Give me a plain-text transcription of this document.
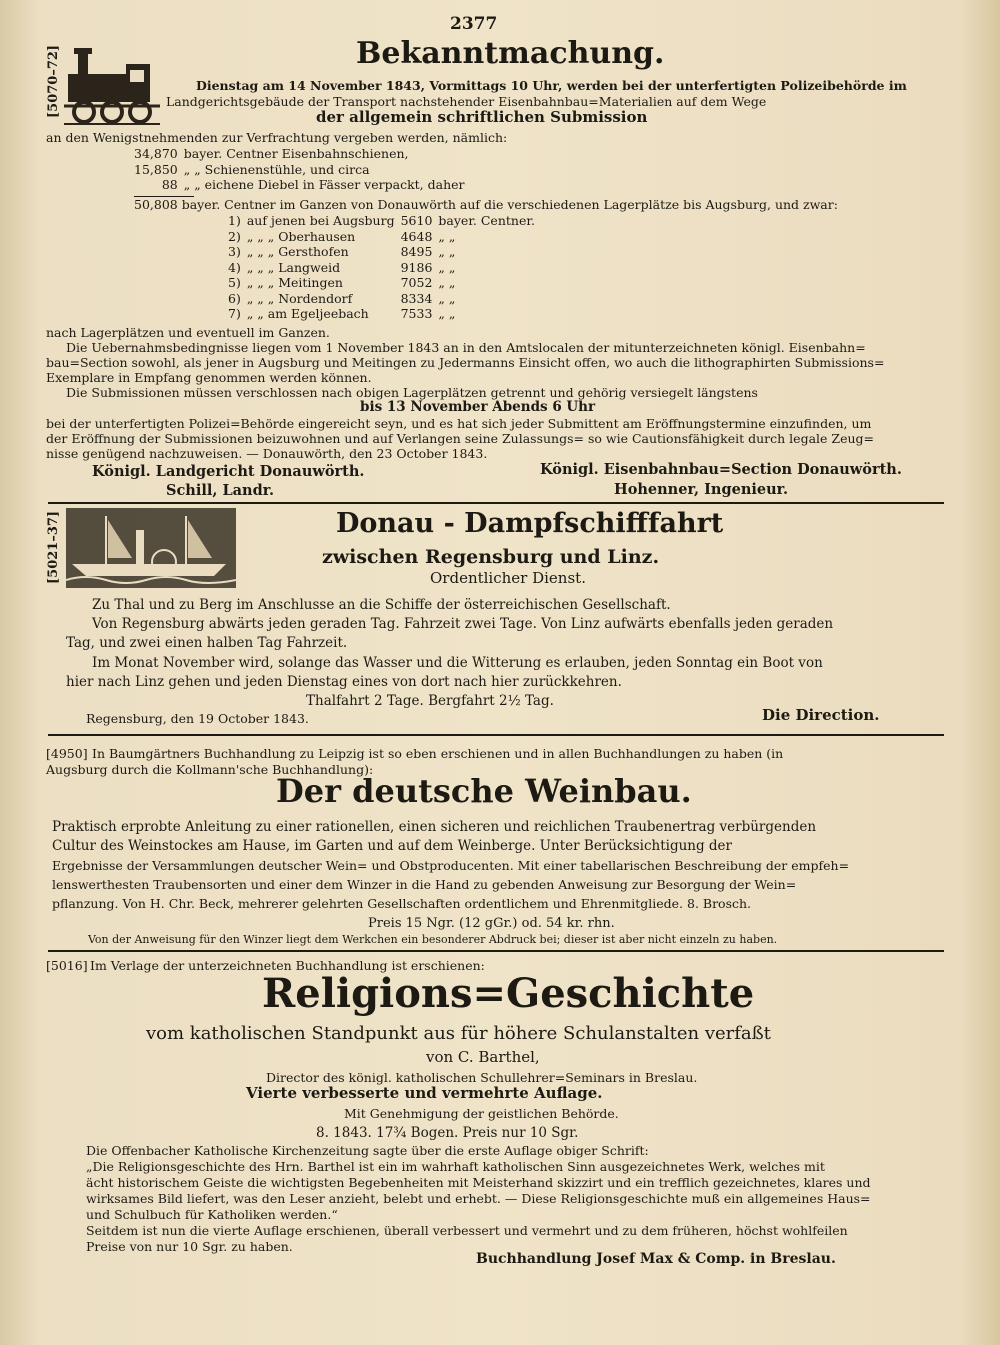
2377
[5070–72]	Bekanntmachung.
Dienstag am 14 November 1843, Vormittags 10 Uhr, werden bei der unterfertigten Polizeibehörde im
Landgerichtsgebäude der Transport nachstehender Eisenbahnbau=Materialien auf dem Wege
der allgemein schriftlichen Submission
an den Wenigstnehmenden zur Verfrachtung vergeben werden, nämlich:
34,870	bayer. Centner Eisenbahnschienen,
15,850	„ „ Schienenstühle, und circa
88	„ „ eichene Diebel in Fässer verpackt, daher
50,808 bayer. Centner im Ganzen von Donauwörth auf die verschiedenen Lagerplätze bis Augsburg, und zwar:
1)	auf jenen bei Augsburg	5610	bayer. Centner.
2)	„ „ „ Oberhausen	4648	„ „
3)	„ „ „ Gersthofen	8495	„ „
4)	„ „ „ Langweid	9186	„ „
5)	„ „ „ Meitingen	7052	„ „
6)	„ „ „ Nordendorf	8334	„ „
7)	„ „ am Egeljeebach	7533	„ „
nach Lagerplätzen und eventuell im Ganzen.
Die Uebernahmsbedingnisse liegen vom 1 November 1843 an in den Amtslocalen der mitunterzeichneten königl. Eisenbahn=
bau=Section sowohl, als jener in Augsburg und Meitingen zu Jedermanns Einsicht offen, wo auch die lithographirten Submissions=
Exemplare in Empfang genommen werden können.
Die Submissionen müssen verschlossen nach obigen Lagerplätzen getrennt und gehörig versiegelt längstens
bis 13 November Abends 6 Uhr
bei der unterfertigten Polizei=Behörde eingereicht seyn, und es hat sich jeder Submittent am Eröffnungstermine einzufinden, um
der Eröffnung der Submissionen beizuwohnen und auf Verlangen seine Zulassungs= so wie Cautionsfähigkeit durch legale Zeug=
nisse genügend nachzuweisen. — Donauwörth, den 23 October 1843.
Königl. Landgericht Donauwörth.	Königl. Eisenbahnbau=Section Donauwörth.
Schill, Landr.	Hohenner, Ingenieur.
[5021–37]	Donau - Dampfschifffahrt
zwischen Regensburg und Linz.
Ordentlicher Dienst.
Zu Thal und zu Berg im Anschlusse an die Schiffe der österreichischen Gesellschaft.
Von Regensburg abwärts jeden geraden Tag. Fahrzeit zwei Tage. Von Linz aufwärts ebenfalls jeden geraden
Tag, und zwei einen halben Tag Fahrzeit.
Im Monat November wird, solange das Wasser und die Witterung es erlauben, jeden Sonntag ein Boot von
hier nach Linz gehen und jeden Dienstag eines von dort nach hier zurückkehren.
Thalfahrt 2 Tage. Bergfahrt 2½ Tag.
Regensburg, den 19 October 1843.	Die Direction.
[4950] In Baumgärtners Buchhandlung zu Leipzig ist so eben erschienen und in allen Buchhandlungen zu haben (in
Augsburg durch die Kollmann'sche Buchhandlung):
Der deutsche Weinbau.
Praktisch erprobte Anleitung zu einer rationellen, einen sicheren und reichlichen Traubenertrag verbürgenden
Cultur des Weinstockes am Hause, im Garten und auf dem Weinberge. Unter Berücksichtigung der
Ergebnisse der Versammlungen deutscher Wein= und Obstproducenten. Mit einer tabellarischen Beschreibung der empfeh=
lenswerthesten Traubensorten und einer dem Winzer in die Hand zu gebenden Anweisung zur Besorgung der Wein=
pflanzung. Von H. Chr. Beck, mehrerer gelehrten Gesellschaften ordentlichem und Ehrenmitgliede. 8. Brosch.
Preis 15 Ngr. (12 gGr.) od. 54 kr. rhn.
Von der Anweisung für den Winzer liegt dem Werkchen ein besonderer Abdruck bei; dieser ist aber nicht einzeln zu haben.
[5016] Im Verlage der unterzeichneten Buchhandlung ist erschienen:
Religions=Geschichte
vom katholischen Standpunkt aus für höhere Schulanstalten verfaßt
von C. Barthel,
Director des königl. katholischen Schullehrer=Seminars in Breslau.
Vierte verbesserte und vermehrte Auflage.
Mit Genehmigung der geistlichen Behörde.
8. 1843. 17¾ Bogen. Preis nur 10 Sgr.
Die Offenbacher Katholische Kirchenzeitung sagte über die erste Auflage obiger Schrift:
„Die Religionsgeschichte des Hrn. Barthel ist ein im wahrhaft katholischen Sinn ausgezeichnetes Werk, welches mit
ächt historischem Geiste die wichtigsten Begebenheiten mit Meisterhand skizzirt und ein trefflich gezeichnetes, klares und
wirksames Bild liefert, was den Leser anzieht, belebt und erhebt. — Diese Religionsgeschichte muß ein allgemeines Haus=
und Schulbuch für Katholiken werden.“
Seitdem ist nun die vierte Auflage erschienen, überall verbessert und vermehrt und zu dem früheren, höchst wohlfeilen
Preise von nur 10 Sgr. zu haben.
Buchhandlung Josef Max & Comp. in Breslau.
